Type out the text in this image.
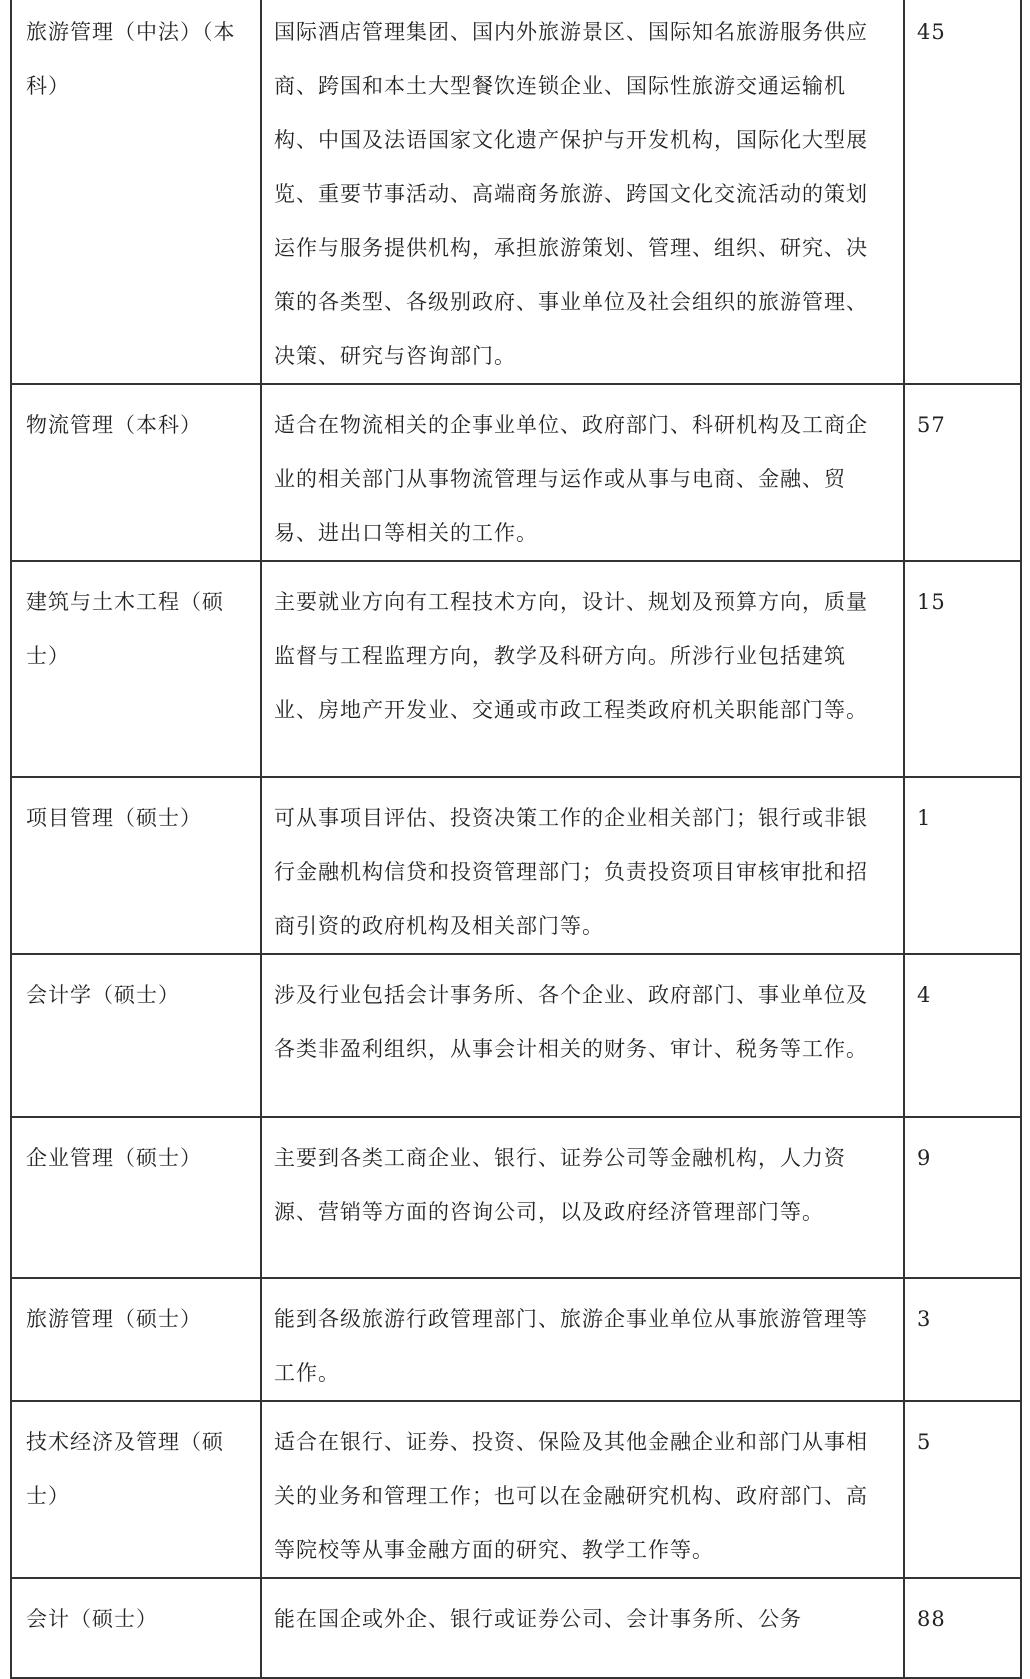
旅游管理（中法）（本科）	国际酒店管理集团、国内外旅游景区、国际知名旅游服务供应商、跨国和本土大型餐饮连锁企业、国际性旅游交通运输机构、中国及法语国家文化遗产保护与开发机构，国际化大型展览、重要节事活动、高端商务旅游、跨国文化交流活动的策划运作与服务提供机构，承担旅游策划、管理、组织、研究、决策的各类型、各级别政府、事业单位及社会组织的旅游管理、决策、研究与咨询部门。	45

物流管理（本科）	适合在物流相关的企事业单位、政府部门、科研机构及工商企业的相关部门从事物流管理与运作或从事与电商、金融、贸易、进出口等相关的工作。	57

建筑与土木工程（硕士）	主要就业方向有工程技术方向，设计、规划及预算方向，质量监督与工程监理方向，教学及科研方向。所涉行业包括建筑业、房地产开发业、交通或市政工程类政府机关职能部门等。	15

项目管理（硕士）	可从事项目评估、投资决策工作的企业相关部门；银行或非银行金融机构信贷和投资管理部门；负责投资项目审核审批和招商引资的政府机构及相关部门等。	1

会计学（硕士）	涉及行业包括会计事务所、各个企业、政府部门、事业单位及各类非盈利组织，从事会计相关的财务、审计、税务等工作。	4

企业管理（硕士）	主要到各类工商企业、银行、证券公司等金融机构，人力资源、营销等方面的咨询公司，以及政府经济管理部门等。	9

旅游管理（硕士）	能到各级旅游行政管理部门、旅游企事业单位从事旅游管理等工作。	3

技术经济及管理（硕士）	适合在银行、证券、投资、保险及其他金融企业和部门从事相关的业务和管理工作；也可以在金融研究机构、政府部门、高等院校等从事金融方面的研究、教学工作等。	5

会计（硕士）	能在国企或外企、银行或证券公司、会计事务所、公务	88
